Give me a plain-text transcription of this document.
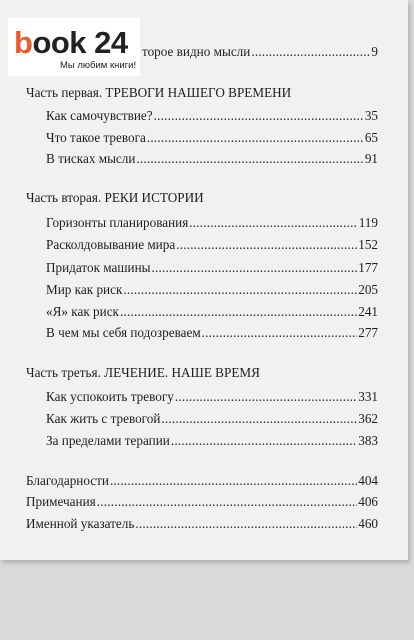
book 24
Мы любим книги!
торое видно мысли .....	9
Часть первая. ТРЕВОГИ НАШЕГО ВРЕМЕНИ
Как самочувствие? .....	35
Что такое тревога .....	65
В тисках мысли .....	91
Часть вторая. РЕКИ ИСТОРИИ
Горизонты планирования .....	119
Расколдовывание мира .....	152
Придаток машины .....	177
Мир как риск .....	205
«Я» как риск .....	241
В чем мы себя подозреваем .....	277
Часть третья. ЛЕЧЕНИЕ. НАШЕ ВРЕМЯ
Как успокоить тревогу .....	331
Как жить с тревогой .....	362
За пределами терапии .....	383
Благодарности .....	404
Примечания .....	406
Именной указатель .....	460
